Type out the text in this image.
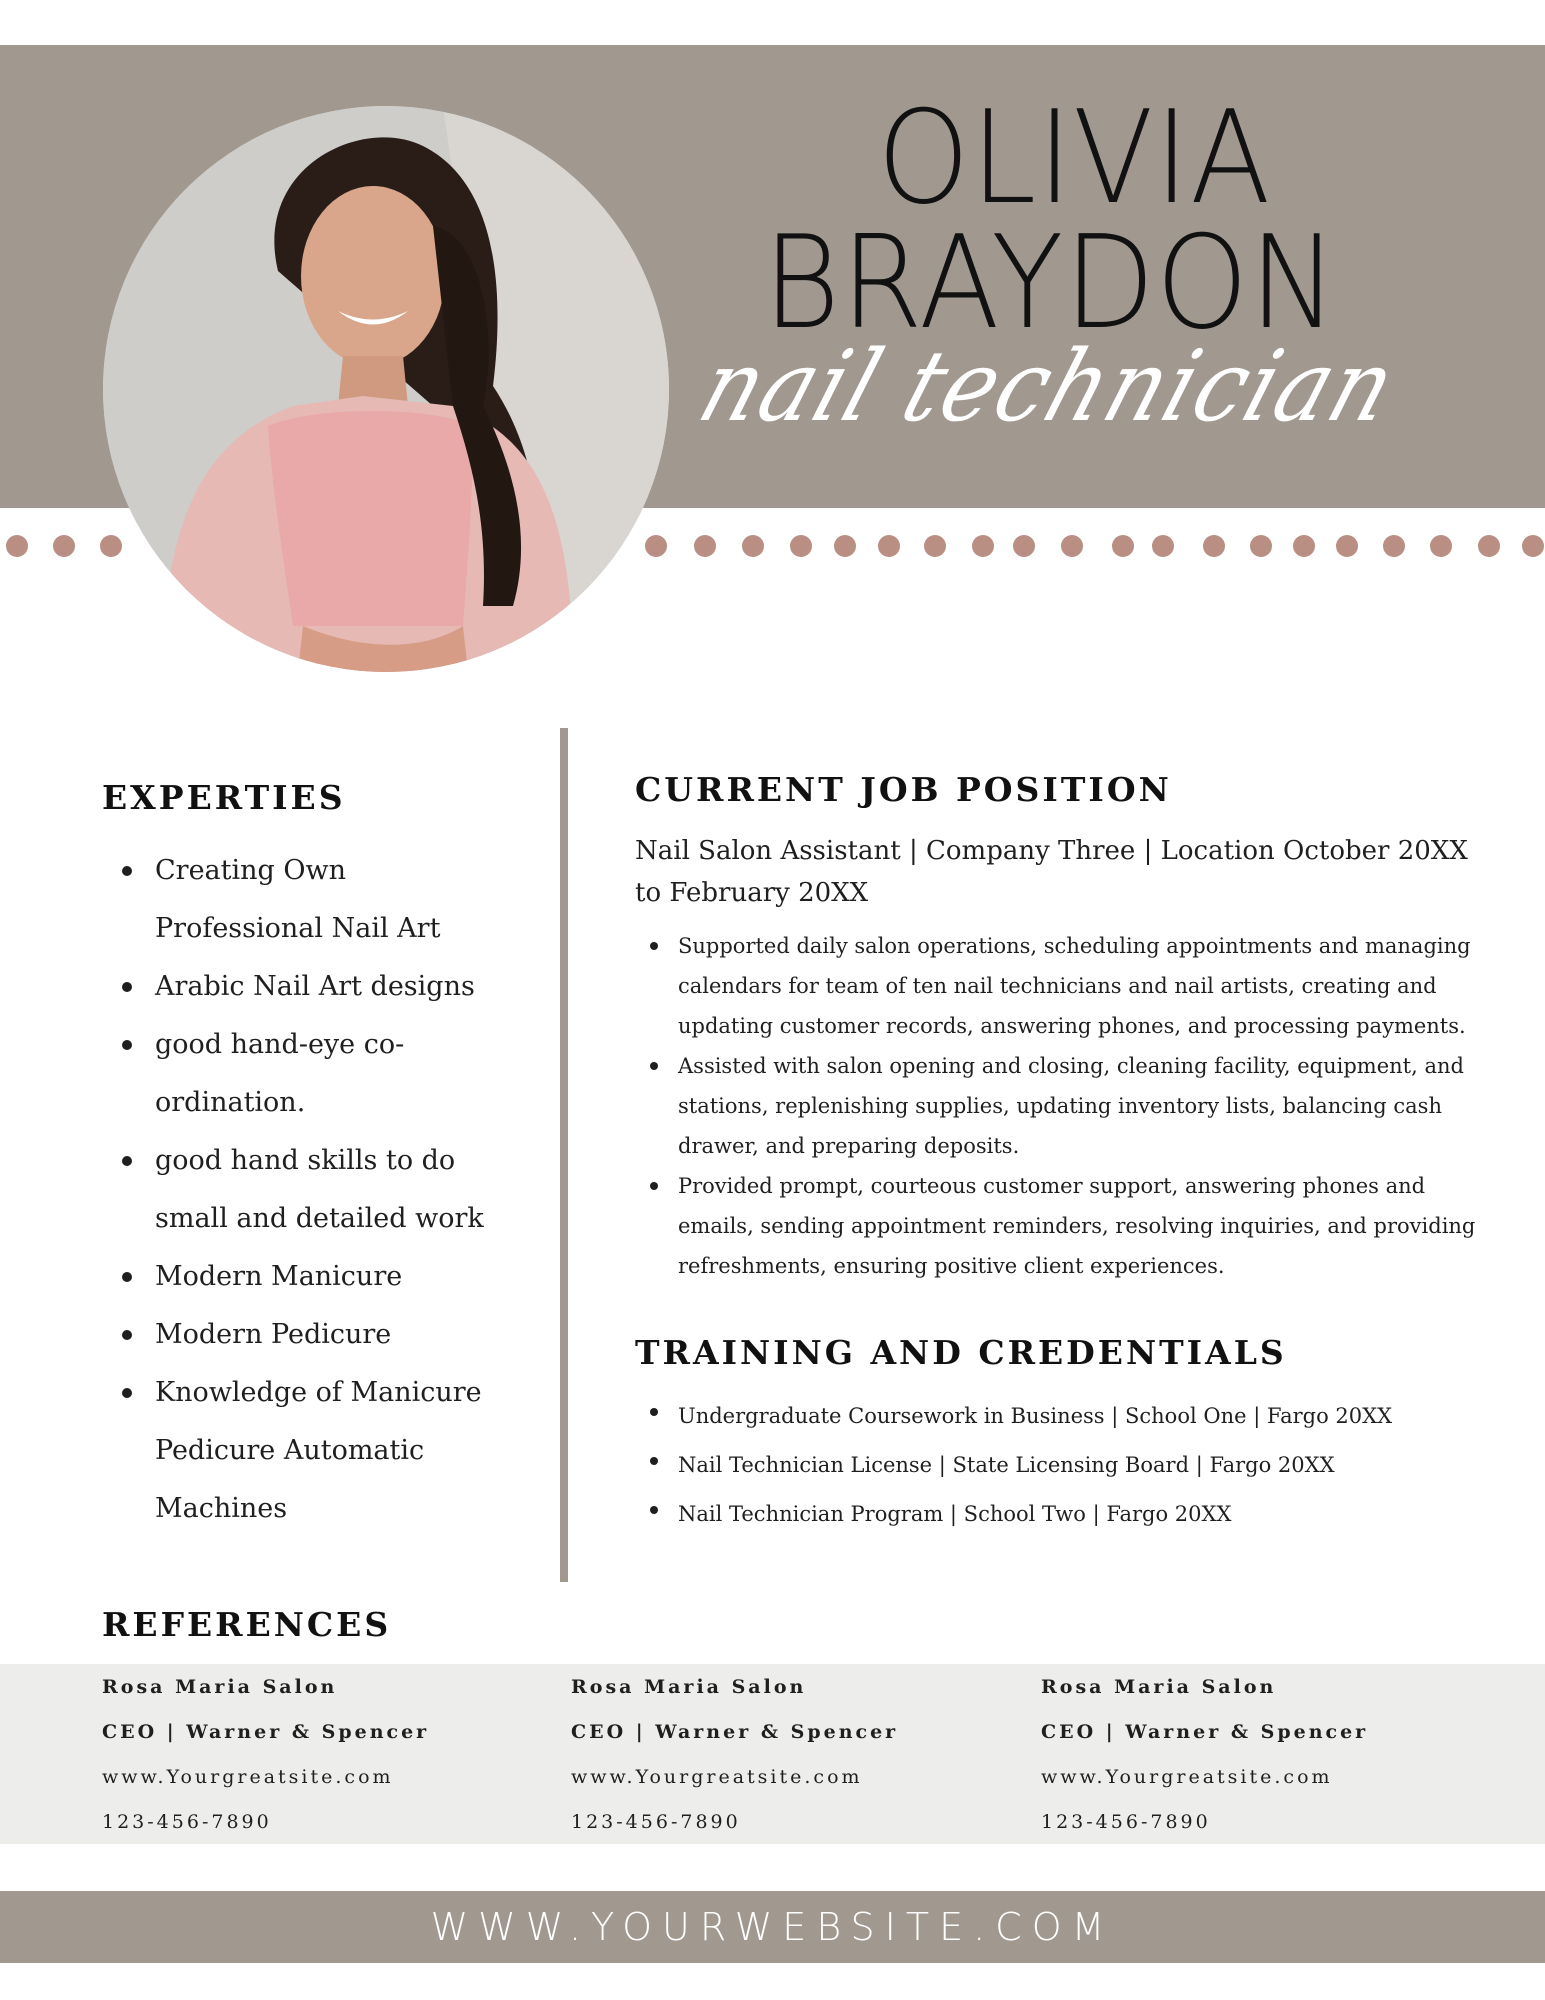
OLIVIA
BRAYDON
nail technician
EXPERTIES
Creating Own Professional Nail Art
Arabic Nail Art designs
good hand-eye co-ordination.
good hand skills to do small and detailed work
Modern Manicure
Modern Pedicure
Knowledge of Manicure Pedicure Automatic Machines
CURRENT JOB POSITION
Nail Salon Assistant | Company Three | Location October 20XX to February 20XX
Supported daily salon operations, scheduling appointments and managing calendars for team of ten nail technicians and nail artists, creating and updating customer records, answering phones, and processing payments.
Assisted with salon opening and closing, cleaning facility, equipment, and stations, replenishing supplies, updating inventory lists, balancing cash drawer, and preparing deposits.
Provided prompt, courteous customer support, answering phones and emails, sending appointment reminders, resolving inquiries, and providing refreshments, ensuring positive client experiences.
TRAINING AND CREDENTIALS
Undergraduate Coursework in Business | School One | Fargo 20XX
Nail Technician License | State Licensing Board | Fargo 20XX
Nail Technician Program | School Two | Fargo 20XX
REFERENCES
Rosa Maria Salon
CEO | Warner & Spencer
www.Yourgreatsite.com
123-456-7890
Rosa Maria Salon
CEO | Warner & Spencer
www.Yourgreatsite.com
123-456-7890
Rosa Maria Salon
CEO | Warner & Spencer
www.Yourgreatsite.com
123-456-7890
WWW.YOURWEBSITE.COM
